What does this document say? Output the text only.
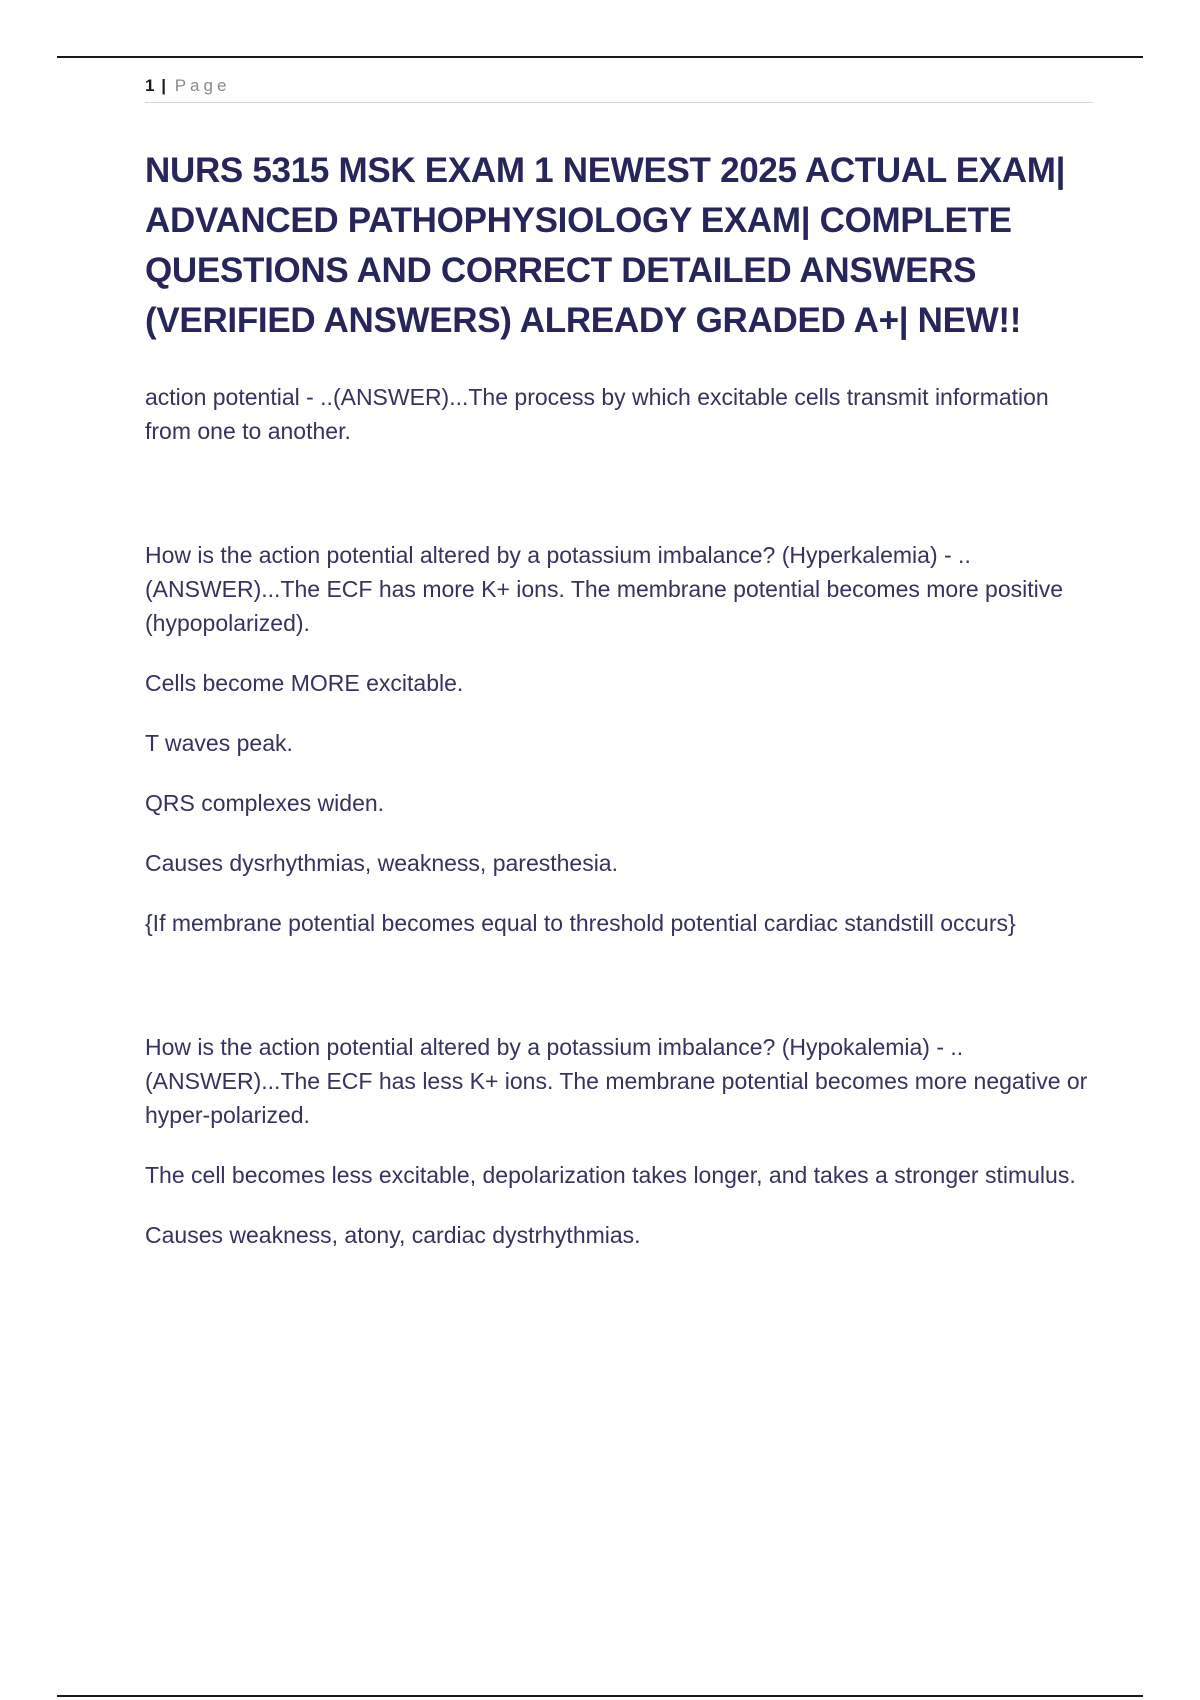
1 | Page
NURS 5315 MSK EXAM 1 NEWEST 2025 ACTUAL EXAM| ADVANCED PATHOPHYSIOLOGY EXAM| COMPLETE QUESTIONS AND CORRECT DETAILED ANSWERS (VERIFIED ANSWERS) ALREADY GRADED A+| NEW!!

action potential - ..(ANSWER)...The process by which excitable cells transmit information from one to another.

How is the action potential altered by a potassium imbalance? (Hyperkalemia) - ..(ANSWER)...The ECF has more K+ ions. The membrane potential becomes more positive (hypopolarized).

Cells become MORE excitable.

T waves peak.

QRS complexes widen.

Causes dysrhythmias, weakness, paresthesia.

{If membrane potential becomes equal to threshold potential cardiac standstill occurs}

How is the action potential altered by a potassium imbalance? (Hypokalemia) - ..(ANSWER)...The ECF has less K+ ions. The membrane potential becomes more negative or hyper-polarized.

The cell becomes less excitable, depolarization takes longer, and takes a stronger stimulus.

Causes weakness, atony, cardiac dystrhythmias.
